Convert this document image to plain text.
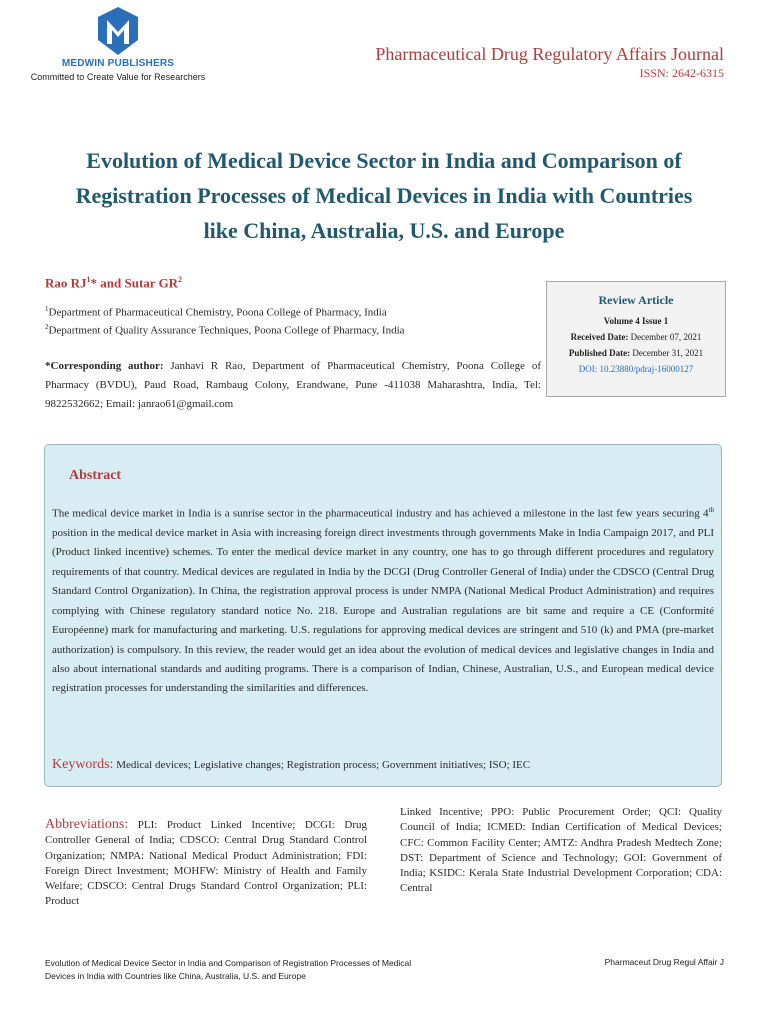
MEDWIN PUBLISHERS
Committed to Create Value for Researchers
Pharmaceutical Drug Regulatory Affairs Journal
ISSN: 2642-6315
Evolution of Medical Device Sector in India and Comparison of
Registration Processes of Medical Devices in India with Countries
like China, Australia, U.S. and Europe
Rao $RJ^1*$ and Sutar $GR^2$
$^1$Department of Pharmaceutical Chemistry, Poona College of Pharmacy, India
$^2$Department of Quality Assurance Techniques, Poona College of Pharmacy, India
*Corresponding author: Janhavi R Rao, Department of Pharmaceutical Chemistry, Poona College of Pharmacy (BVDU), Paud Road, Rambaug Colony, Erandwane, Pune -411038 Maharashtra, India, Tel: 9822532662; Email: janrao61@gmail.com
Review Article
Volume 4 Issue 1
Received Date: December 07, 2021
Published Date: December 31, 2021
DOI: 10.23880/pdraj-16000127
Abstract
The medical device market in India is a sunrise sector in the pharmaceutical industry and has achieved a milestone in the last few years securing 4th position in the medical device market in Asia with increasing foreign direct investments through governments Make in India Campaign 2017, and PLI (Product linked incentive) schemes. To enter the medical device market in any country, one has to go through different procedures and regulatory requirements of that country. Medical devices are regulated in India by the DCGI (Drug Controller General of India) under the CDSCO (Central Drug Standard Control Organization). In China, the registration approval process is under NMPA (National Medical Product Administration) and requires complying with Chinese regulatory standard notice No. 218. Europe and Australian regulations are bit same and require a CE (Conformité Européenne) mark for manufacturing and marketing. U.S. regulations for approving medical devices are stringent and 510 (k) and PMA (pre-market authorization) is compulsory. In this review, the reader would get an idea about the evolution of medical devices and legislative changes in India and also about international standards and auditing programs. There is a comparison of Indian, Chinese, Australian, U.S., and European medical device registration processes for understanding the similarities and differences.
Keywords: Medical devices; Legislative changes; Registration process; Government initiatives; ISO; IEC
Abbreviations: PLI: Product Linked Incentive; DCGI: Drug Controller General of India; CDSCO: Central Drug Standard Control Organization; NMPA: National Medical Product Administration; FDI: Foreign Direct Investment; MOHFW: Ministry of Health and Family Welfare; CDSCO: Central Drugs Standard Control Organization; PLI: Product
Linked Incentive; PPO: Public Procurement Order; QCI: Quality Council of India; ICMED: Indian Certification of Medical Devices; CFC: Common Facility Center; AMTZ: Andhra Pradesh Medtech Zone; DST: Department of Science and Technology; GOI: Government of India; KSIDC: Kerala State Industrial Development Corporation; CDA: Central
Evolution of Medical Device Sector in India and Comparison of Registration Processes of Medical
Devices in India with Countries like China, Australia, U.S. and Europe
Pharmaceut Drug Regul Affair J
